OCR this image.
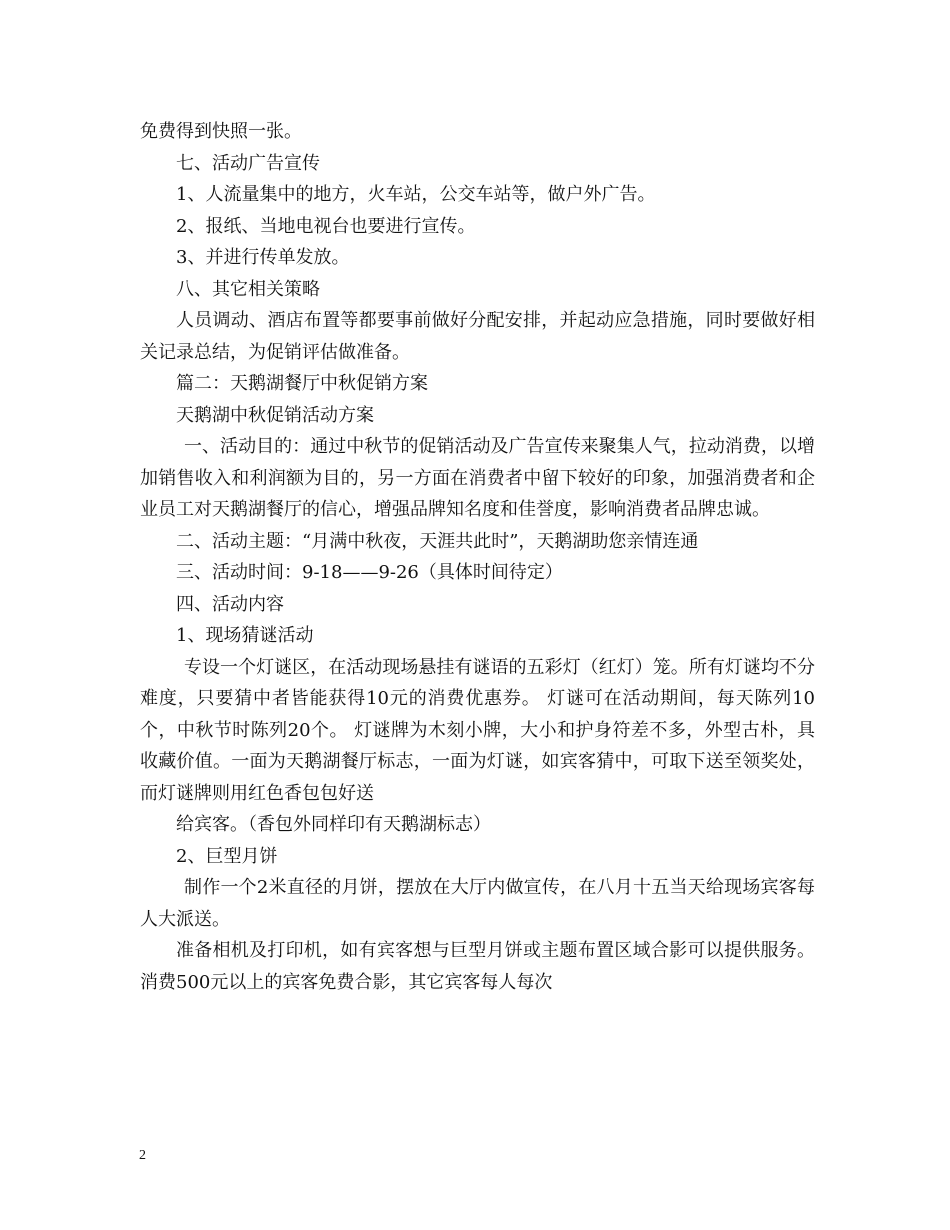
免费得到快照一张。

七、活动广告宣传

1、人流量集中的地方，火车站，公交车站等，做户外广告。

2、报纸、当地电视台也要进行宣传。

3、并进行传单发放。

八、其它相关策略

人员调动、酒店布置等都要事前做好分配安排，并起动应急措施，同时要做好相关记录总结，为促销评估做准备。

篇二：天鹅湖餐厅中秋促销方案

天鹅湖中秋促销活动方案

一、活动目的：通过中秋节的促销活动及广告宣传来聚集人气，拉动消费，以增加销售收入和利润额为目的，另一方面在消费者中留下较好的印象，加强消费者和企业员工对天鹅湖餐厅的信心，增强品牌知名度和佳誉度，影响消费者品牌忠诚。

二、活动主题：“月满中秋夜，天涯共此时”，天鹅湖助您亲情连通

三、活动时间：9-18——9-26（具体时间待定）

四、活动内容

1、现场猜谜活动

专设一个灯谜区，在活动现场悬挂有谜语的五彩灯（红灯）笼。所有灯谜均不分难度，只要猜中者皆能获得10元的消费优惠券。 灯谜可在活动期间，每天陈列10个，中秋节时陈列20个。 灯谜牌为木刻小牌，大小和护身符差不多，外型古朴，具收藏价值。一面为天鹅湖餐厅标志，一面为灯谜，如宾客猜中，可取下送至领奖处，而灯谜牌则用红色香包包好送

给宾客。（香包外同样印有天鹅湖标志）

2、巨型月饼

制作一个2米直径的月饼，摆放在大厅内做宣传，在八月十五当天给现场宾客每人大派送。

准备相机及打印机，如有宾客想与巨型月饼或主题布置区域合影可以提供服务。消费500元以上的宾客免费合影，其它宾客每人每次

2
